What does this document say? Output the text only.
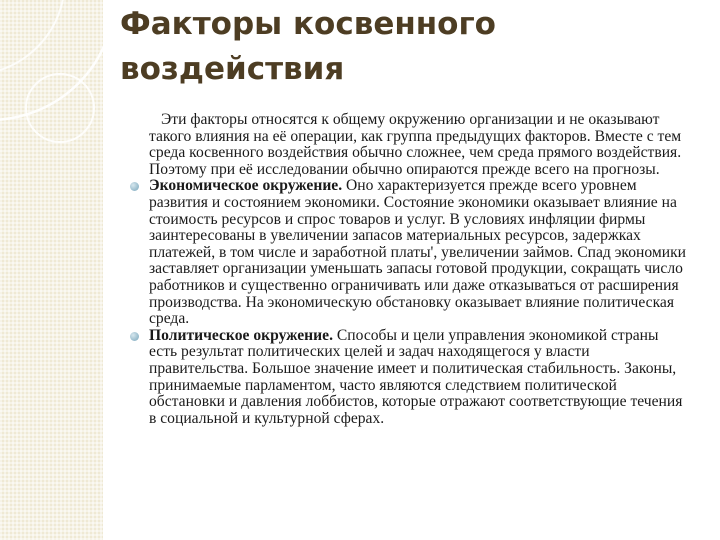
Факторы косвенного воздействия

Эти факторы относятся к общему окружению организации и не оказывают такого влияния на её операции, как группа предыдущих факторов. Вместе с тем среда косвенного воздействия обычно сложнее, чем среда прямого воздействия. Поэтому при её исследовании обычно опираются прежде всего на прогнозы.

Экономическое окружение. Оно характеризуется прежде всего уровнем развития и состоянием экономики. Состояние экономики оказывает влияние на стоимость ресурсов и спрос товаров и услуг. В условиях инфляции фирмы заинтересованы в увеличении запасов материальных ресурсов, задержках платежей, в том числе и заработной платы', увеличении займов. Спад экономики заставляет организации уменьшать запасы готовой продукции, сокращать число работников и существенно ограничивать или даже отказываться от расширения производства. На экономическую обстановку оказывает влияние политическая среда.
Политическое окружение. Способы и цели управления экономикой страны есть результат политических целей и задач находящегося у власти правительства. Большое значение имеет и политическая стабильность. Законы, принимаемые парламентом, часто являются следствием политической обстановки и давления лоббистов, которые отражают соответствующие течения в социальной и культурной сферах.
